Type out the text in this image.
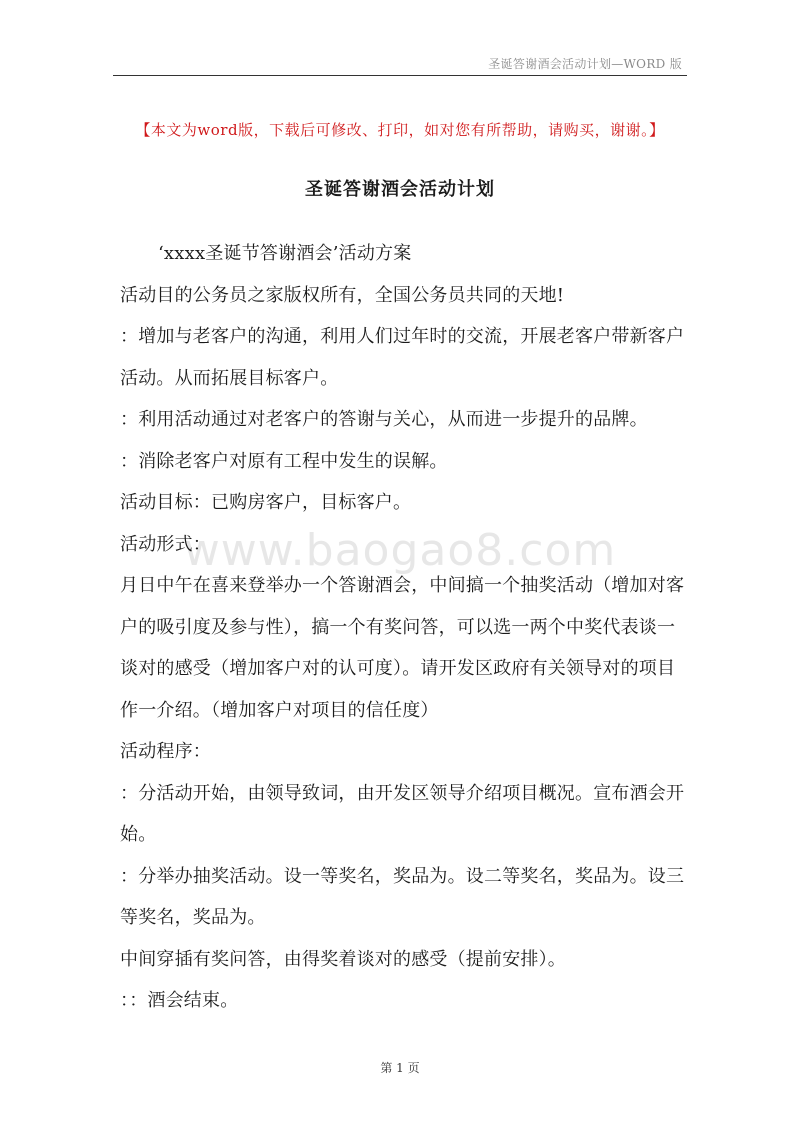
圣诞答谢酒会活动计划—WORD 版
【本文为word版，下载后可修改、打印，如对您有所帮助，请购买，谢谢。】
圣诞答谢酒会活动计划
www.baogao8.com

‘xxxx圣诞节答谢酒会’活动方案

活动目的公务员之家版权所有，全国公务员共同的天地!

：增加与老客户的沟通，利用人们过年时的交流，开展老客户带新客户活动。从而拓展目标客户。

：利用活动通过对老客户的答谢与关心，从而进一步提升的品牌。

：消除老客户对原有工程中发生的误解。

活动目标：已购房客户，目标客户。

活动形式：

月日中午在喜来登举办一个答谢酒会，中间搞一个抽奖活动（增加对客户的吸引度及参与性），搞一个有奖问答，可以选一两个中奖代表谈一谈对的感受（增加客户对的认可度）。请开发区政府有关领导对的项目作一介绍。（增加客户对项目的信任度）

活动程序：

：分活动开始，由领导致词，由开发区领导介绍项目概况。宣布酒会开始。

：分举办抽奖活动。设一等奖名，奖品为。设二等奖名，奖品为。设三等奖名，奖品为。

中间穿插有奖问答，由得奖着谈对的感受（提前安排）。

：：酒会结束。

第 1 页
